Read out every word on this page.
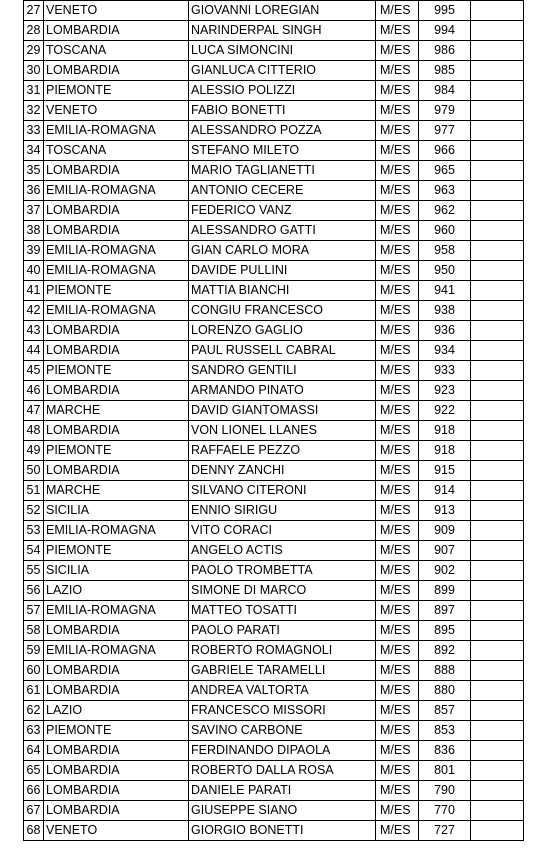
27	VENETO	GIOVANNI LOREGIAN	M/ES	995	
28	LOMBARDIA	NARINDERPAL SINGH	M/ES	994	
29	TOSCANA	LUCA SIMONCINI	M/ES	986	
30	LOMBARDIA	GIANLUCA CITTERIO	M/ES	985	
31	PIEMONTE	ALESSIO POLIZZI	M/ES	984	
32	VENETO	FABIO BONETTI	M/ES	979	
33	EMILIA-ROMAGNA	ALESSANDRO POZZA	M/ES	977	
34	TOSCANA	STEFANO MILETO	M/ES	966	
35	LOMBARDIA	MARIO TAGLIANETTI	M/ES	965	
36	EMILIA-ROMAGNA	ANTONIO CECERE	M/ES	963	
37	LOMBARDIA	FEDERICO VANZ	M/ES	962	
38	LOMBARDIA	ALESSANDRO GATTI	M/ES	960	
39	EMILIA-ROMAGNA	GIAN CARLO MORA	M/ES	958	
40	EMILIA-ROMAGNA	DAVIDE PULLINI	M/ES	950	
41	PIEMONTE	MATTIA BIANCHI	M/ES	941	
42	EMILIA-ROMAGNA	CONGIU FRANCESCO	M/ES	938	
43	LOMBARDIA	LORENZO GAGLIO	M/ES	936	
44	LOMBARDIA	PAUL RUSSELL CABRAL	M/ES	934	
45	PIEMONTE	SANDRO GENTILI	M/ES	933	
46	LOMBARDIA	ARMANDO PINATO	M/ES	923	
47	MARCHE	DAVID GIANTOMASSI	M/ES	922	
48	LOMBARDIA	VON LIONEL LLANES	M/ES	918	
49	PIEMONTE	RAFFAELE PEZZO	M/ES	918	
50	LOMBARDIA	DENNY ZANCHI	M/ES	915	
51	MARCHE	SILVANO CITERONI	M/ES	914	
52	SICILIA	ENNIO SIRIGU	M/ES	913	
53	EMILIA-ROMAGNA	VITO CORACI	M/ES	909	
54	PIEMONTE	ANGELO ACTIS	M/ES	907	
55	SICILIA	PAOLO TROMBETTA	M/ES	902	
56	LAZIO	SIMONE DI MARCO	M/ES	899	
57	EMILIA-ROMAGNA	MATTEO TOSATTI	M/ES	897	
58	LOMBARDIA	PAOLO PARATI	M/ES	895	
59	EMILIA-ROMAGNA	ROBERTO ROMAGNOLI	M/ES	892	
60	LOMBARDIA	GABRIELE TARAMELLI	M/ES	888	
61	LOMBARDIA	ANDREA VALTORTA	M/ES	880	
62	LAZIO	FRANCESCO MISSORI	M/ES	857	
63	PIEMONTE	SAVINO CARBONE	M/ES	853	
64	LOMBARDIA	FERDINANDO DIPAOLA	M/ES	836	
65	LOMBARDIA	ROBERTO DALLA ROSA	M/ES	801	
66	LOMBARDIA	DANIELE PARATI	M/ES	790	
67	LOMBARDIA	GIUSEPPE SIANO	M/ES	770	
68	VENETO	GIORGIO BONETTI	M/ES	727	
